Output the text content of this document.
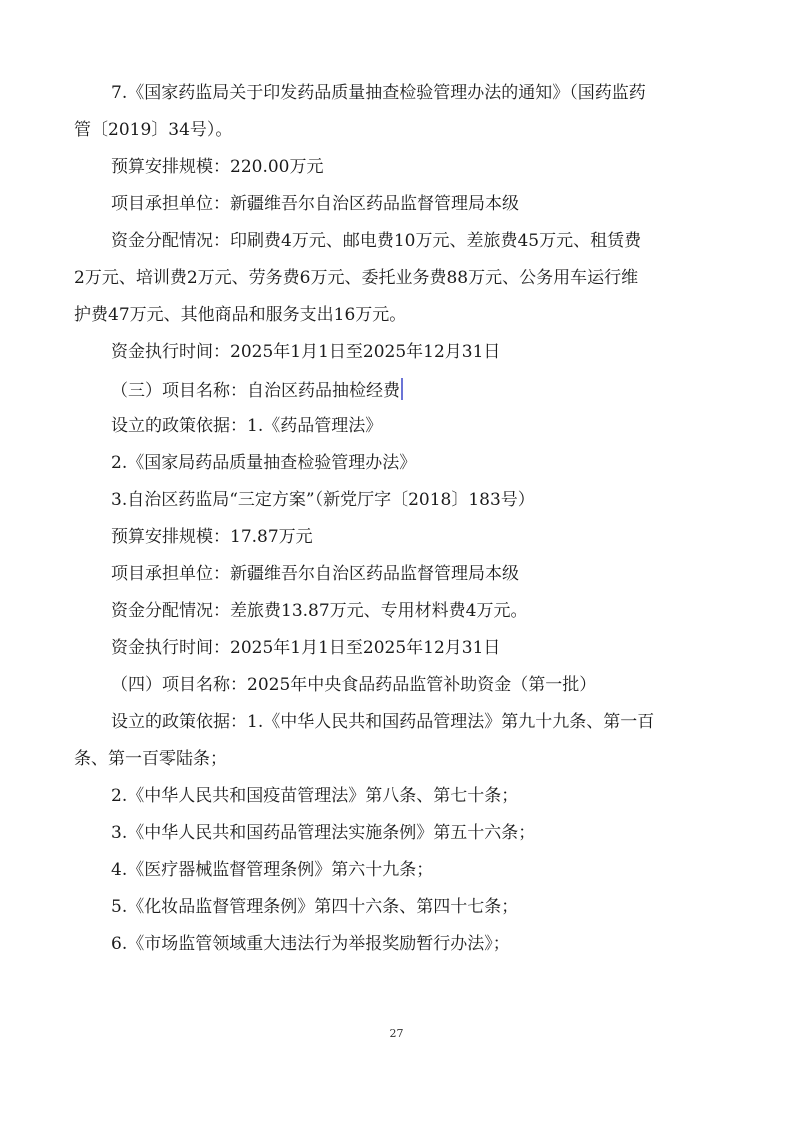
7.《国家药监局关于印发药品质量抽查检验管理办法的通知》（国药监药
管〔2019〕34号）。
预算安排规模：220.00万元
项目承担单位：新疆维吾尔自治区药品监督管理局本级
资金分配情况：印刷费4万元、邮电费10万元、差旅费45万元、租赁费
2万元、培训费2万元、劳务费6万元、委托业务费88万元、公务用车运行维
护费47万元、其他商品和服务支出16万元。
资金执行时间：2025年1月1日至2025年12月31日
（三）项目名称：自治区药品抽检经费
设立的政策依据：1.《药品管理法》
2.《国家局药品质量抽查检验管理办法》
3.自治区药监局“三定方案”（新党厅字〔2018〕183号）
预算安排规模：17.87万元
项目承担单位：新疆维吾尔自治区药品监督管理局本级
资金分配情况：差旅费13.87万元、专用材料费4万元。
资金执行时间：2025年1月1日至2025年12月31日
（四）项目名称：2025年中央食品药品监管补助资金（第一批）
设立的政策依据：1.《中华人民共和国药品管理法》第九十九条、第一百
条、第一百零陆条；
2.《中华人民共和国疫苗管理法》第八条、第七十条；
3.《中华人民共和国药品管理法实施条例》第五十六条；
4.《医疗器械监督管理条例》第六十九条；
5.《化妆品监督管理条例》第四十六条、第四十七条；
6.《市场监管领域重大违法行为举报奖励暂行办法》；
27
